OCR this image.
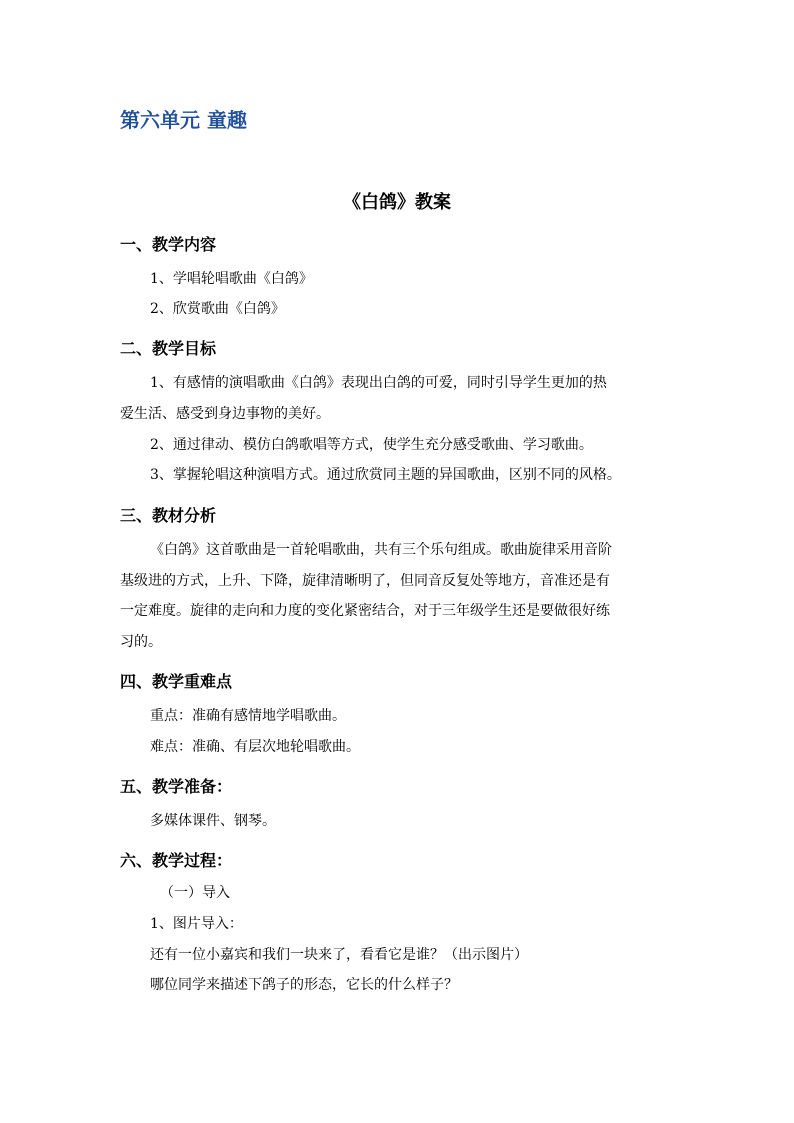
第六单元 童趣
《白鸽》教案
一、教学内容
1、学唱轮唱歌曲《白鸽》
2、欣赏歌曲《白鸽》
二、教学目标
1、有感情的演唱歌曲《白鸽》表现出白鸽的可爱，同时引导学生更加的热
爱生活、感受到身边事物的美好。
2、通过律动、模仿白鸽歌唱等方式，使学生充分感受歌曲、学习歌曲。
3、掌握轮唱这种演唱方式。通过欣赏同主题的异国歌曲，区别不同的风格。
三、教材分析
《白鸽》这首歌曲是一首轮唱歌曲，共有三个乐句组成。歌曲旋律采用音阶
基级进的方式，上升、下降，旋律清晰明了，但同音反复处等地方，音准还是有
一定难度。旋律的走向和力度的变化紧密结合，对于三年级学生还是要做很好练
习的。
四、教学重难点
重点：准确有感情地学唱歌曲。
难点：准确、有层次地轮唱歌曲。
五、教学准备：
多媒体课件、钢琴。
六、教学过程：
（一）导入
1、图片导入：
还有一位小嘉宾和我们一块来了，看看它是谁？（出示图片）
哪位同学来描述下鸽子的形态，它长的什么样子？
